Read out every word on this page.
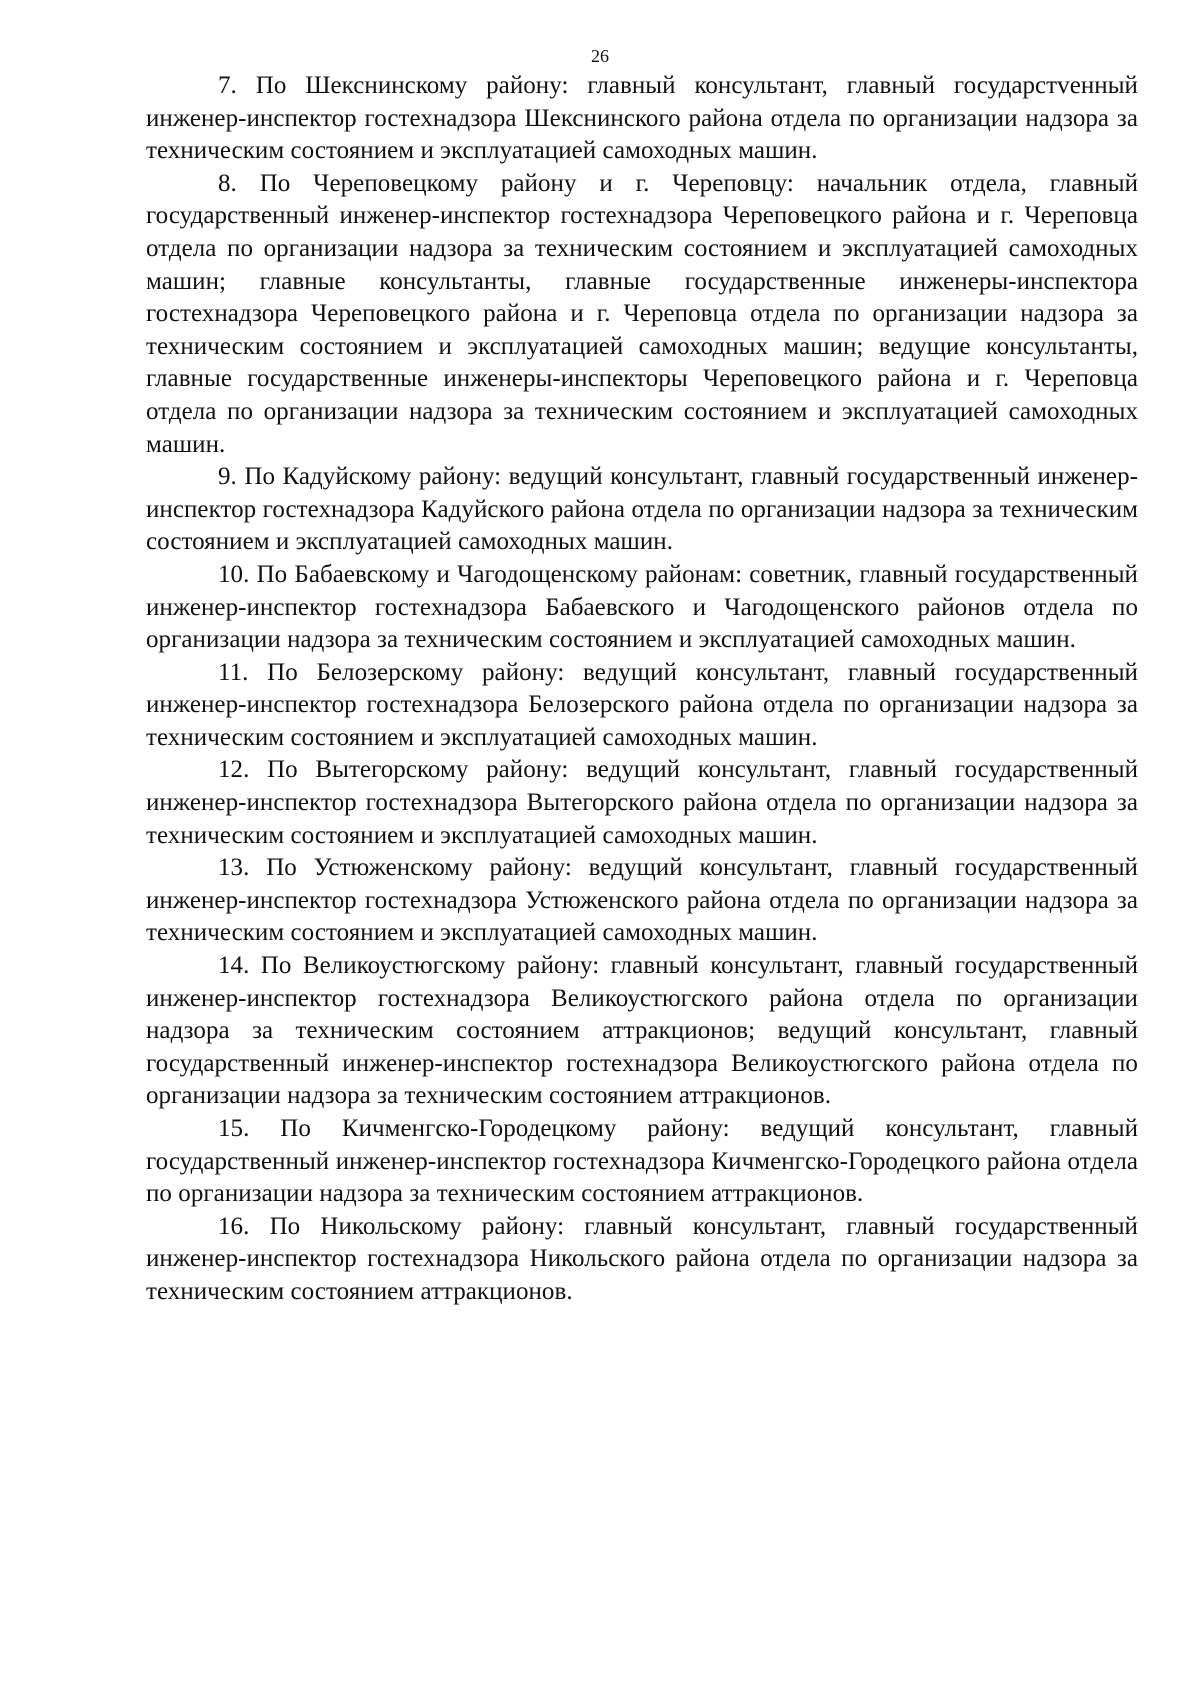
26

7. По Шекснинскому району: главный консультант, главный государстvенный инженер-инспектор гостехнадзора Шекснинского района отдела по организации надзора за техническим состоянием и эксплуатацией самоходных машин.

8. По Череповецкому району и г. Череповцу: начальник отдела, главный государственный инженер-инспектор гостехнадзора Череповецкого района и г. Череповца отдела по организации надзора за техническим состоянием и эксплуатацией самоходных машин; главные консультанты, главные государственные инженеры-инспектора гостехнадзора Череповецкого района и г. Череповца отдела по организации надзора за техническим состоянием и эксплуатацией самоходных машин; ведущие консультанты, главные государственные инженеры-инспекторы Череповецкого района и г. Череповца отдела по организации надзора за техническим состоянием и эксплуатацией самоходных машин.

9. По Кадуйскому району: ведущий консультант, главный государственный инженер-инспектор гостехнадзора Кадуйского района отдела по организации надзора за техническим состоянием и эксплуатацией самоходных машин.

10. По Бабаевскому и Чагодощенскому районам: советник, главный государственный инженер-инспектор гостехнадзора Бабаевского и Чагодощенского районов отдела по организации надзора за техническим состоянием и эксплуатацией самоходных машин.

11. По Белозерскому району: ведущий консультант, главный государственный инженер-инспектор гостехнадзора Белозерского района отдела по организации надзора за техническим состоянием и эксплуатацией самоходных машин.

12. По Вытегорскому району: ведущий консультант, главный государственный инженер-инспектор гостехнадзора Вытегорского района отдела по организации надзора за техническим состоянием и эксплуатацией самоходных машин.

13. По Устюженскому району: ведущий консультант, главный государственный инженер-инспектор гостехнадзора Устюженского района отдела по организации надзора за техническим состоянием и эксплуатацией самоходных машин.

14. По Великоустюгскому району: главный консультант, главный государственный инженер-инспектор гостехнадзора Великоустюгского района отдела по организации надзора за техническим состоянием аттракционов; ведущий консультант, главный государственный инженер-инспектор гостехнадзора Великоустюгского района отдела по организации надзора за техническим состоянием аттракционов.

15. По Кичменгско-Городецкому району: ведущий консультант, главный государственный инженер-инспектор гостехнадзора Кичменгско-Городецкого района отдела по организации надзора за техническим состоянием аттракционов.

16. По Никольскому району: главный консультант, главный государственный инженер-инспектор гостехнадзора Никольского района отдела по организации надзора за техническим состоянием аттракционов.
